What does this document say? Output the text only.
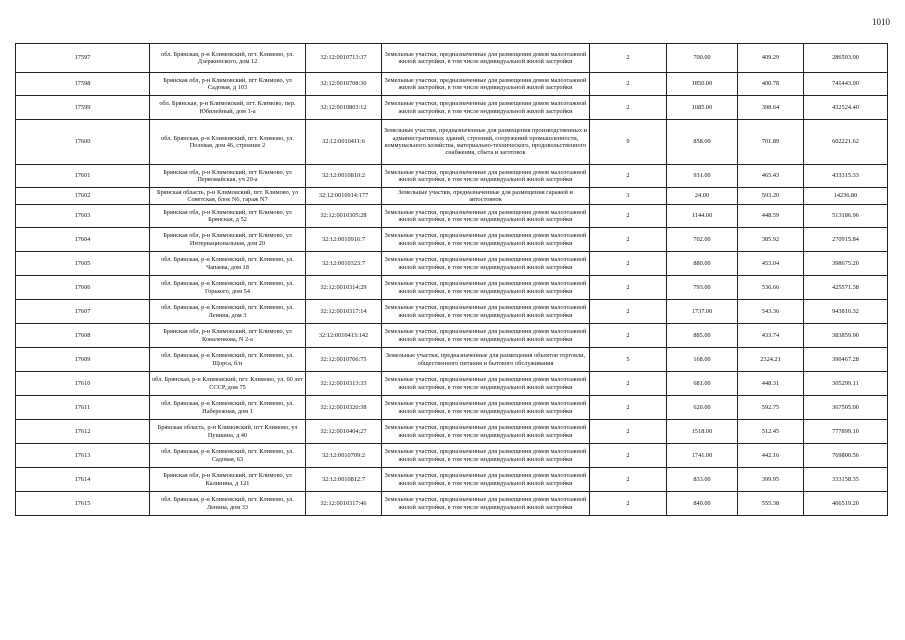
1010
17597	обл. Брянская, р-н Климовский, пгт. Климово, ул. Дзержинского, дом 12	32:12:0010713:37	Земельные участки, предназначенные для размещения домов малоэтажной жилой застройки, в том числе индивидуальной жилой застройки	2	700.00	409.29	286503.00
17598	Брянская обл, р-н Климовский, пгт Климово, ул Садовая, д 103	32:12:0010708:30	Земельные участки, предназначенные для размещения домов малоэтажной жилой застройки, в том числе индивидуальной жилой застройки	2	1850.00	400.78	741443.00
17599	обл. Брянская, р-н Климовский, пгт. Климово, пер. Юбилейный, дом 1-а	32:12:0010803:12	Земельные участки, предназначенные для размещения домов малоэтажной жилой застройки, в том числе индивидуальной жилой застройки	2	1085.00	398.64	432524.40
17600	обл. Брянская, р-н Климовский, пгт. Климово, ул. Полевая, дом 46, строение 2	32:12:0010411:6	Земельные участки, предназначенные для размещения производственных и административных зданий, строений, сооружений промышленности, коммунального хозяйства, материально-технического, продовольственного снабжения, сбыта и заготовок	9	858.00	701.89	602221.62
17601	Брянская обл, р-н Климовский, пгт Климово, ул Первомайская, уч 20-а	32:12:0010810:2	Земельные участки, предназначенные для размещения домов малоэтажной жилой застройки, в том числе индивидуальной жилой застройки	2	931.00	465.43	433315.33
17602	Брянская область, р-н Климовский, пгт. Климово, ул Советская, блок N6, гараж N7	32:12:0010914:177	Земельные участки, предназначенные для размещения гаражей и автостоянок	3	24.00	593.20	14236.80
17603	Брянская обл, р-н Климовский, пгт Климово, ул Брянская, д 52	32:12:0010305:28	Земельные участки, предназначенные для размещения домов малоэтажной жилой застройки, в том числе индивидуальной жилой застройки	2	1144.00	448.59	513186.96
17604	Брянская обл, р-н Климовский, пгт Климово, ул Интернациональная, дом 20	32:12:0010916:7	Земельные участки, предназначенные для размещения домов малоэтажной жилой застройки, в том числе индивидуальной жилой застройки	2	702.00	385.92	270915.84
17605	обл. Брянская, р-н Климовский, пгт. Климово, ул. Чапаева, дом 18	32:12:0010323:7	Земельные участки, предназначенные для размещения домов малоэтажной жилой застройки, в том числе индивидуальной жилой застройки	2	880.00	453.04	398675.20
17606	обл. Брянская, р-н Климовский, пгт. Климово, ул. Горького, дом 54	32:12:0010314:29	Земельные участки, предназначенные для размещения домов малоэтажной жилой застройки, в том числе индивидуальной жилой застройки	2	793.00	536.66	425571.38
17607	обл. Брянская, р-н Климовский, пгт. Климово, ул. Ленина, дом 3	32:12:0010317:14	Земельные участки, предназначенные для размещения домов малоэтажной жилой застройки, в том числе индивидуальной жилой застройки	2	1737.00	543.36	943816.32
17608	Брянская обл, р-н Климовский, пгт Климово, ул Коваленкова, N 2-а	32:12:0010413:142	Земельные участки, предназначенные для размещения домов малоэтажной жилой застройки, в том числе индивидуальной жилой застройки	2	885.00	433.74	383859.90
17609	обл. Брянская, р-н Климовский, пгт. Климово, ул. Щорса, б/н	32:12:0010706:75	Земельные участки, предназначенные для размещения объектов торговли, общественного питания и бытового обслуживания	5	168.00	2324.21	390467.28
17610	обл. Брянская, р-н Климовский, пгт. Климово, ул. 60 лет СССР, дом 75	32:12:0010313:33	Земельные участки, предназначенные для размещения домов малоэтажной жилой застройки, в том числе индивидуальной жилой застройки	2	681.00	448.31	305299.11
17611	обл. Брянская, р-н Климовский, пгт. Климово, ул. Набережная, дом 1	32:12:0010320:38	Земельные участки, предназначенные для размещения домов малоэтажной жилой застройки, в том числе индивидуальной жилой застройки	2	620.00	592.75	367505.00
17612	Брянская область, р-н Климовский, пгт Климово, ул Пушкина, д 40	32:12:0010404:27	Земельные участки, предназначенные для размещения домов малоэтажной жилой застройки, в том числе индивидуальной жилой застройки	2	1518.00	512.45	777899.10
17613	обл. Брянская, р-н Климовский, пгт. Климово, ул. Садовая, 63	32:12:0010709:2	Земельные участки, предназначенные для размещения домов малоэтажной жилой застройки, в том числе индивидуальной жилой застройки	2	1741.00	442.16	769800.56
17614	Брянская обл, р-н Климовский, пгт Климово, ул Калинина, д 121	32:12:0010812:7	Земельные участки, предназначенные для размещения домов малоэтажной жилой застройки, в том числе индивидуальной жилой застройки	2	833.00	399.95	333158.35
17615	обл. Брянская, р-н Климовский, пгт. Климово, ул. Ленина, дом 33	32:12:0010317:46	Земельные участки, предназначенные для размещения домов малоэтажной жилой застройки, в том числе индивидуальной жилой застройки	2	840.00	555.38	466519.20
